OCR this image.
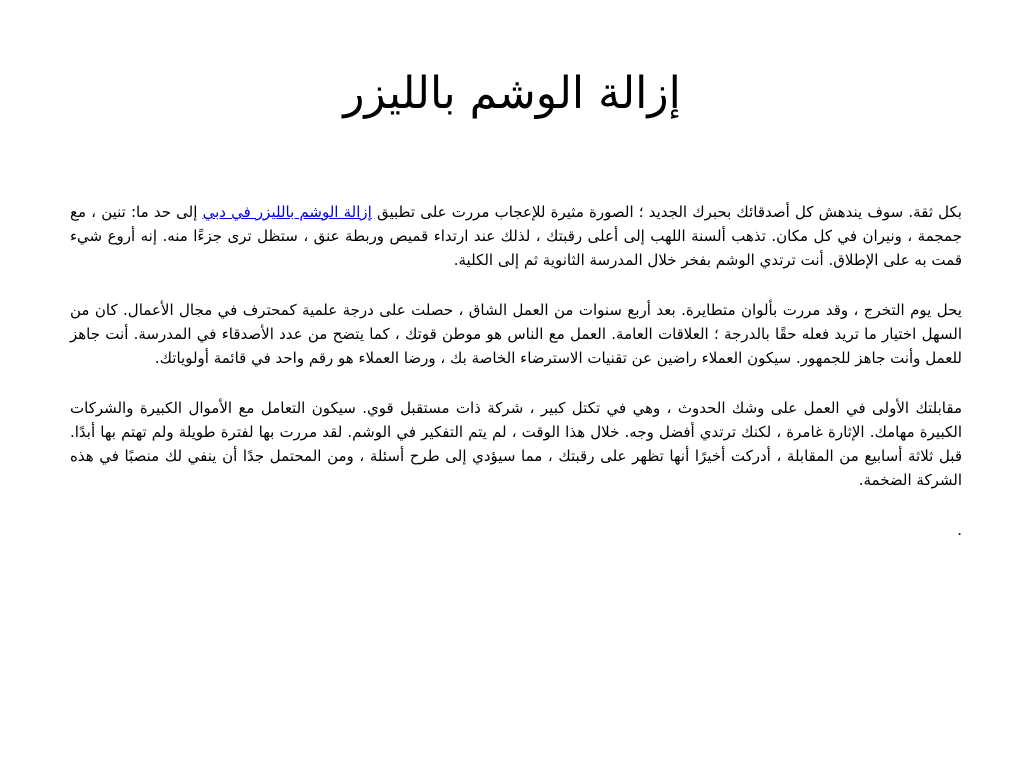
إزالة الوشم بالليزر

بكل ثقة. سوف يندهش كل أصدقائك بحبرك الجديد ؛ الصورة مثيرة للإعجاب مررت على تطبيق إزالة الوشم بالليزر في دبي إلى حد ما: تنين ، مع جمجمة ، ونيران في كل مكان. تذهب ألسنة اللهب إلى أعلى رقبتك ، لذلك عند ارتداء قميص وربطة عنق ، ستظل ترى جزءًا منه. إنه أروع شيء قمت به على الإطلاق. أنت ترتدي الوشم بفخر خلال المدرسة الثانوية ثم إلى الكلية.

يحل يوم التخرج ، وقد مررت بألوان متطايرة. بعد أربع سنوات من العمل الشاق ، حصلت على درجة علمية كمحترف في مجال الأعمال. كان من السهل اختيار ما تريد فعله حقًا بالدرجة ؛ العلاقات العامة. العمل مع الناس هو موطن قوتك ، كما يتضح من عدد الأصدقاء في المدرسة. أنت جاهز للعمل وأنت جاهز للجمهور. سيكون العملاء راضين عن تقنيات الاسترضاء الخاصة بك ، ورضا العملاء هو رقم واحد في قائمة أولوياتك.

مقابلتك الأولى في العمل على وشك الحدوث ، وهي في تكتل كبير ، شركة ذات مستقبل قوي. سيكون التعامل مع الأموال الكبيرة والشركات الكبيرة مهامك. الإثارة غامرة ، لكنك ترتدي أفضل وجه. خلال هذا الوقت ، لم يتم التفكير في الوشم. لقد مررت بها لفترة طويلة ولم تهتم بها أبدًا. قبل ثلاثة أسابيع من المقابلة ، أدركت أخيرًا أنها تظهر على رقبتك ، مما سيؤدي إلى طرح أسئلة ، ومن المحتمل جدًا أن ينفي لك منصبًا في هذه الشركة الضخمة.

.
